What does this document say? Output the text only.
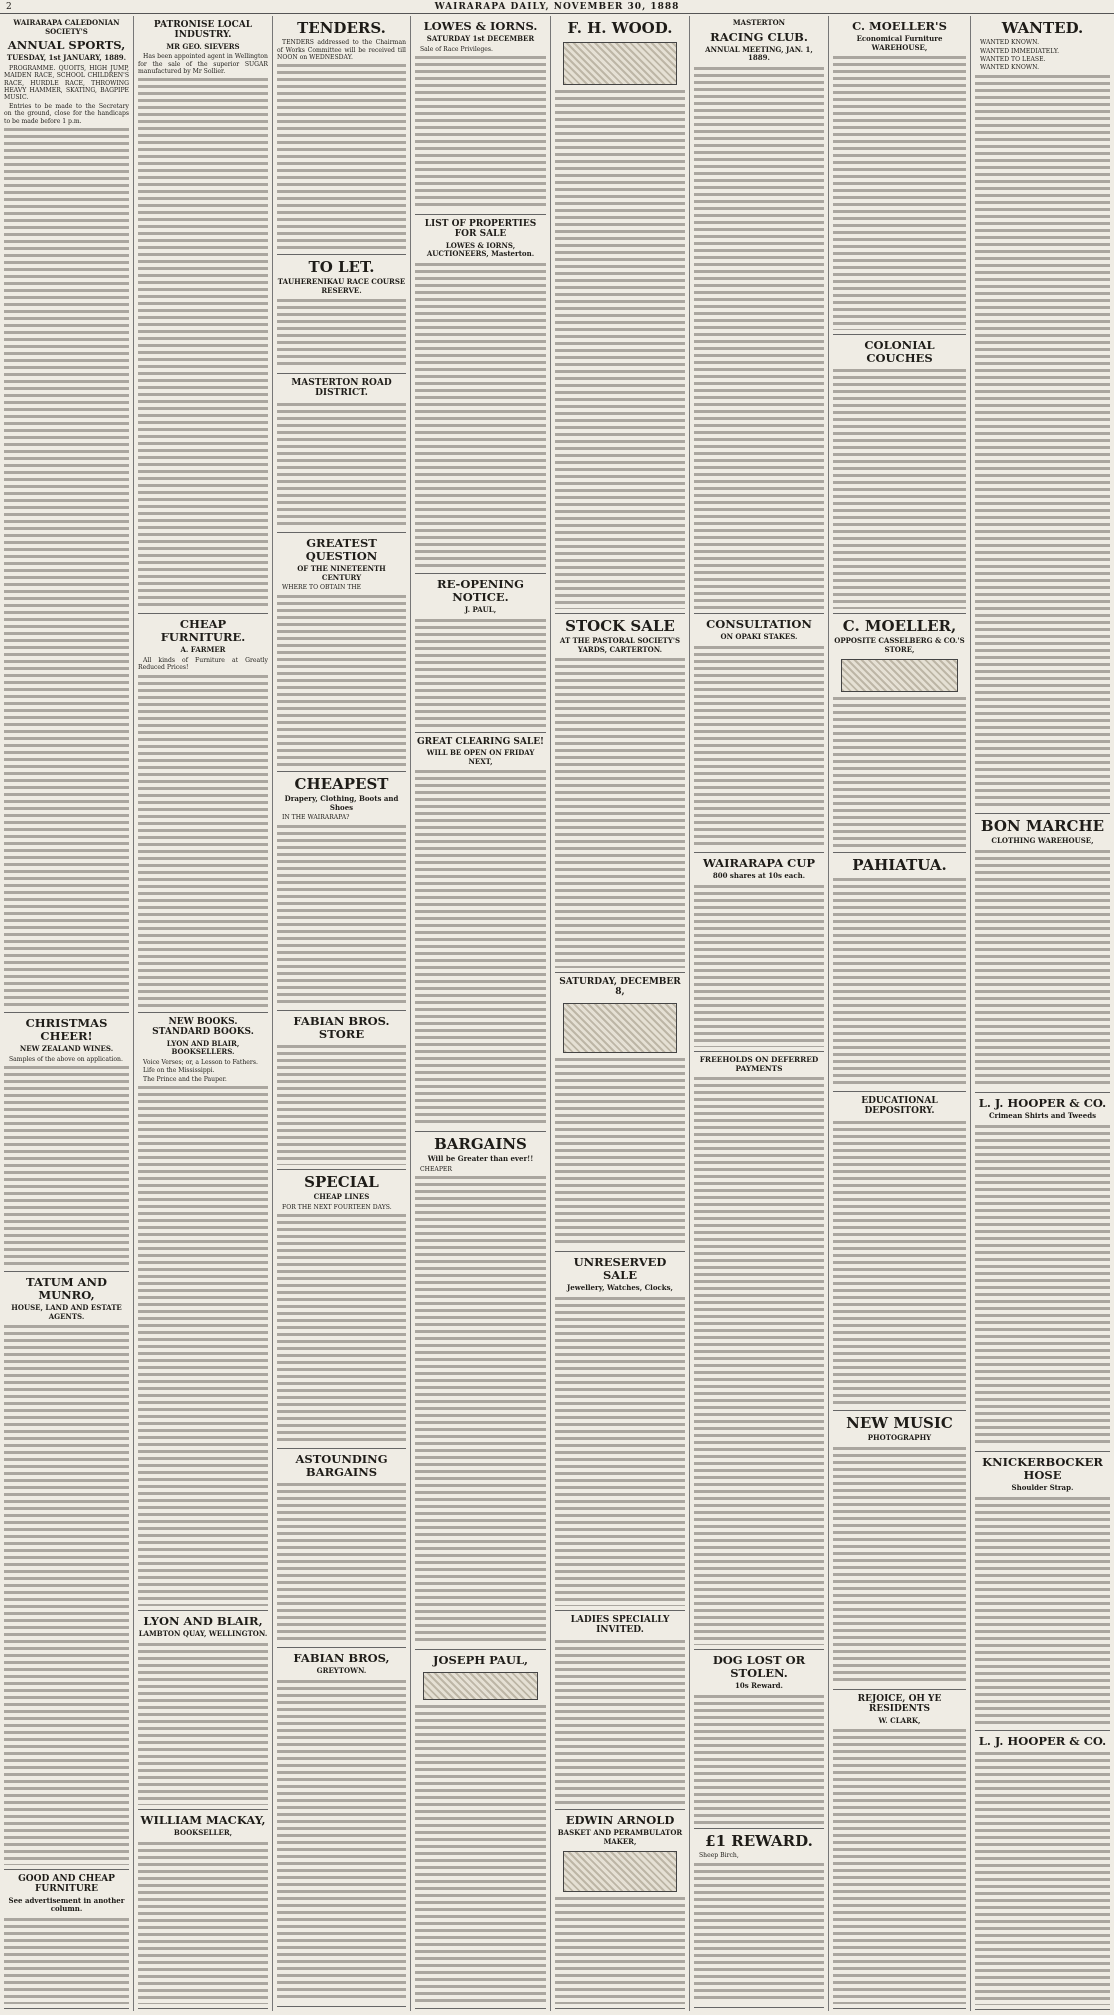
2	WAIRARAPA DAILY, NOVEMBER 30, 1888
WAIRARAPA CALEDONIAN SOCIETY'S
ANNUAL SPORTS,
TUESDAY, 1st JANUARY, 1889.

PROGRAMME. QUOITS, HIGH JUMP, MAIDEN RACE, SCHOOL CHILDREN'S RACE, HURDLE RACE, THROWING HEAVY HAMMER, SKATING, BAGPIPE MUSIC.

Entries to be made to the Secretary on the ground, close for the handicaps to be made before 1 p.m.

CHRISTMAS CHEER!
NEW ZEALAND WINES.

Samples of the above on application.

TATUM AND MUNRO,
HOUSE, LAND AND ESTATE AGENTS.
GOOD AND CHEAP FURNITURE
See advertisement in another column.
PATRONISE LOCAL INDUSTRY.
MR GEO. SIEVERS

Has been appointed agent in Wellington for the sale of the superior SUGAR manufactured by Mr Sollier.

CHEAP FURNITURE.
A. FARMER

All kinds of Furniture at Greatly Reduced Prices!

NEW BOOKS. STANDARD BOOKS.
LYON AND BLAIR, BOOKSELLERS.

Voice Verses; or, a Lesson to Fathers.

Life on the Mississippi.

The Prince and the Pauper.

LYON AND BLAIR,
LAMBTON QUAY, WELLINGTON.
WILLIAM MACKAY,
BOOKSELLER,
TENDERS.

TENDERS addressed to the Chairman of Works Committee will be received till NOON on WEDNESDAY.

TO LET.
TAUHERENIKAU RACE COURSE RESERVE.
MASTERTON ROAD DISTRICT.
GREATEST QUESTION
OF THE NINETEENTH CENTURY

WHERE TO OBTAIN THE

CHEAPEST
Drapery, Clothing, Boots and Shoes

IN THE WAIRARAPA?

FABIAN BROS. STORE
SPECIAL
CHEAP LINES

FOR THE NEXT FOURTEEN DAYS.

ASTOUNDING BARGAINS
FABIAN BROS,
GREYTOWN.
LOWES & IORNS.
SATURDAY 1st DECEMBER

Sale of Race Privileges.

LIST OF PROPERTIES FOR SALE
LOWES & IORNS, AUCTIONEERS, Masterton.
RE-OPENING NOTICE.
J. PAUL,
GREAT CLEARING SALE!
WILL BE OPEN ON FRIDAY NEXT,
BARGAINS
Will be Greater than ever!!

CHEAPER

JOSEPH PAUL,
F. H. WOOD.
STOCK SALE
AT THE PASTORAL SOCIETY'S YARDS, CARTERTON.
SATURDAY, DECEMBER 8,
UNRESERVED SALE
Jewellery, Watches, Clocks,
LADIES SPECIALLY INVITED.
EDWIN ARNOLD
BASKET AND PERAMBULATOR MAKER,
MASTERTON
RACING CLUB.
ANNUAL MEETING, JAN. 1, 1889.
CONSULTATION
ON OPAKI STAKES.
WAIRARAPA CUP
800 shares at 10s each.
FREEHOLDS ON DEFERRED PAYMENTS
DOG LOST OR STOLEN.
10s Reward.
£1 REWARD.

Sheep Birch,

C. MOELLER'S
Economical Furniture WAREHOUSE,
COLONIAL COUCHES
C. MOELLER,
OPPOSITE CASSELBERG & CO.'S STORE,
PAHIATUA.
EDUCATIONAL DEPOSITORY.
NEW MUSIC
PHOTOGRAPHY
REJOICE, OH YE RESIDENTS
W. CLARK,
WANTED.

WANTED KNOWN.

WANTED IMMEDIATELY.

WANTED TO LEASE.

WANTED KNOWN.

BON MARCHE
CLOTHING WAREHOUSE,
L. J. HOOPER & CO.
Crimean Shirts and Tweeds
KNICKERBOCKER HOSE
Shoulder Strap.
L. J. HOOPER & CO.
